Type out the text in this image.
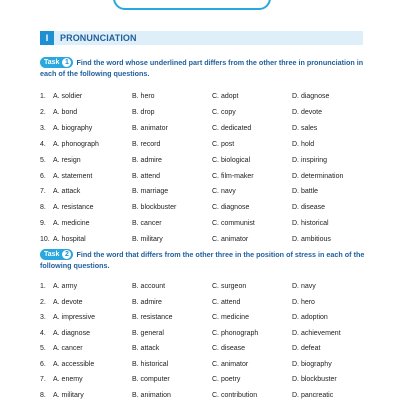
I	PRONUNCIATION
Task 1	Find the word whose underlined part differs from the other three in pronunciation in each of the following questions.
1. A. soldier	B. hero	C. adopt	D. diagnose
2. A. bond	B. drop	C. copy	D. devote
3. A. biography	B. animator	C. dedicated	D. sales
4. A. phonograph	B. record	C. post	D. hold
5. A. resign	B. admire	C. biological	D. inspiring
6. A. statement	B. attend	C. film-maker	D. determination
7. A. attack	B. marriage	C. navy	D. battle
8. A. resistance	B. blockbuster	C. diagnose	D. disease
9. A. medicine	B. cancer	C. communist	D. historical
10. A. hospital	B. military	C. animator	D. ambitious
Task 2	Find the word that differs from the other three in the position of stress in each of the following questions.
1. A. army	B. account	C. surgeon	D. navy
2. A. devote	B. admire	C. attend	D. hero
3. A. impressive	B. resistance	C. medicine	D. adoption
4. A. diagnose	B. general	C. phonograph	D. achievement
5. A. cancer	B. attack	C. disease	D. defeat
6. A. accessible	B. historical	C. animator	D. biography
7. A. enemy	B. computer	C. poetry	D. blockbuster
8. A. military	B. animation	C. contribution	D. pancreatic
